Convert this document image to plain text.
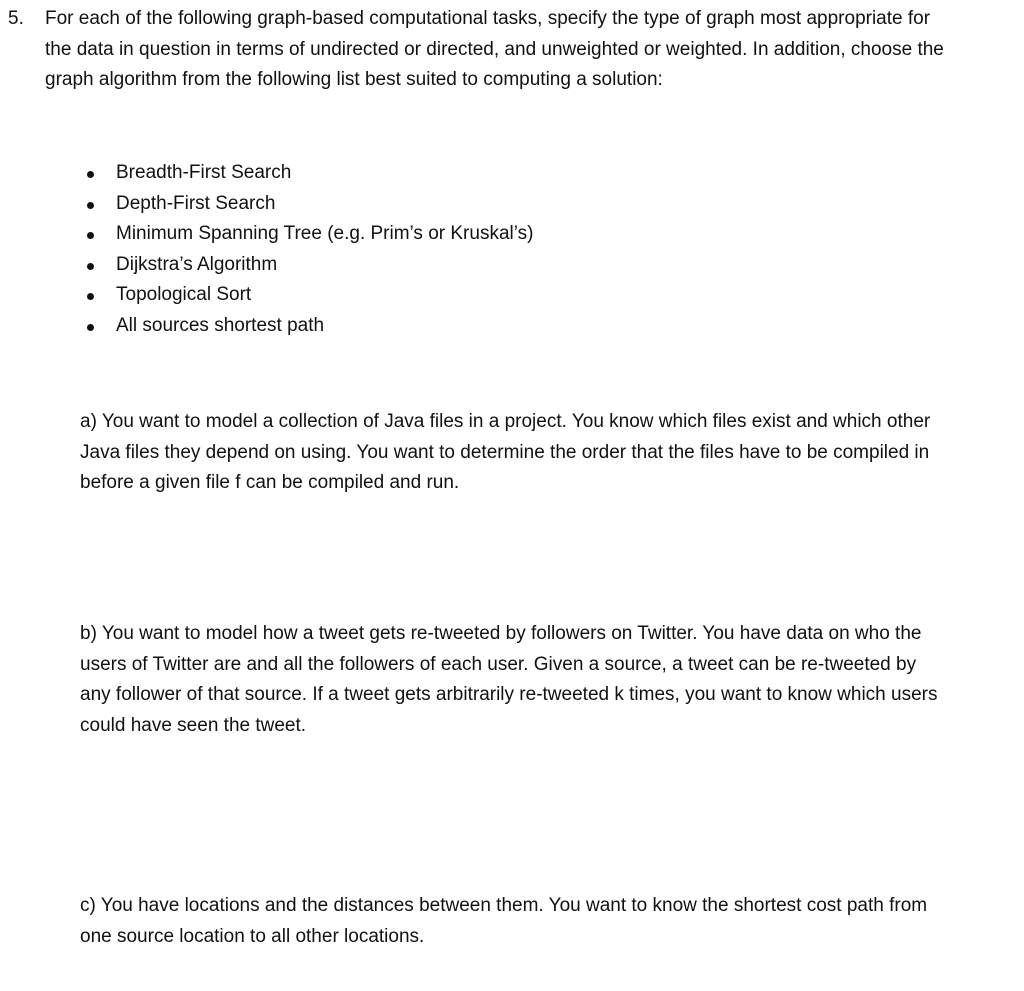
5. For each of the following graph-based computational tasks, specify the type of graph most appropriate for the data in question in terms of undirected or directed, and unweighted or weighted. In addition, choose the graph algorithm from the following list best suited to computing a solution:

Breadth-First Search
Depth-First Search
Minimum Spanning Tree (e.g. Prim’s or Kruskal’s)
Dijkstra’s Algorithm
Topological Sort
All sources shortest path

a) You want to model a collection of Java files in a project. You know which files exist and which other Java files they depend on using. You want to determine the order that the files have to be compiled in before a given file f can be compiled and run.

b) You want to model how a tweet gets re-tweeted by followers on Twitter. You have data on who the users of Twitter are and all the followers of each user. Given a source, a tweet can be re-tweeted by any follower of that source. If a tweet gets arbitrarily re-tweeted k times, you want to know which users could have seen the tweet.

c) You have locations and the distances between them. You want to know the shortest cost path from one source location to all other locations.
